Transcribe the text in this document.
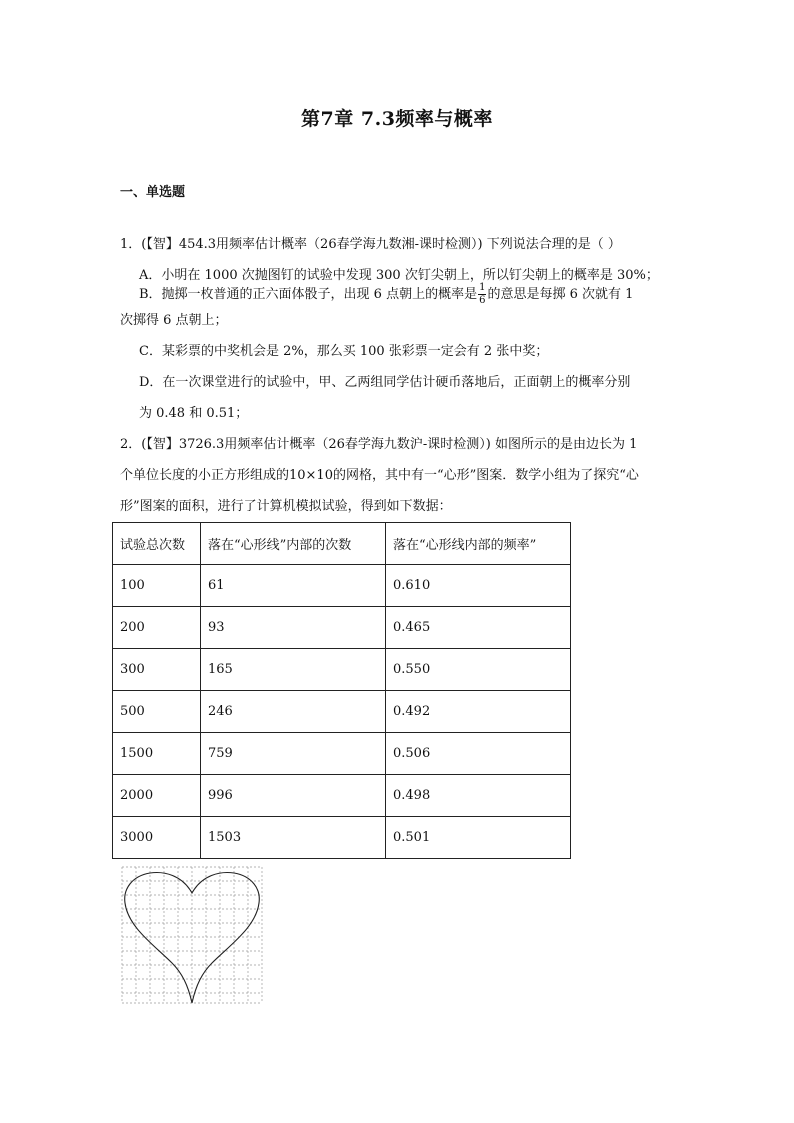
第7章 7.3频率与概率
一、单选题
1．(【智】454.3用频率估计概率（26春学海九数湘-课时检测）) 下列说法合理的是（ ）
A．小明在 1000 次抛图钉的试验中发现 300 次钉尖朝上，所以钉尖朝上的概率是 30%；
B．抛掷一枚普通的正六面体骰子，出现 6 点朝上的概率是 $\frac{1}{6}$ 的意思是每掷 6 次就有 1
次掷得 6 点朝上；
C．某彩票的中奖机会是 2%，那么买 100 张彩票一定会有 2 张中奖；
D．在一次课堂进行的试验中，甲、乙两组同学估计硬币落地后，正面朝上的概率分别
为 0.48 和 0.51；
2．(【智】3726.3用频率估计概率（26春学海九数沪-课时检测）) 如图所示的是由边长为 1
个单位长度的小正方形组成的10×10的网格，其中有一“心形”图案．数学小组为了探究“心
形”图案的面积，进行了计算机模拟试验，得到如下数据：
试验总次数	落在“心形线”内部的次数	落在“心形线内部的频率”
100	61	0.610
200	93	0.465
300	165	0.550
500	246	0.492
1500	759	0.506
2000	996	0.498
3000	1503	0.501
